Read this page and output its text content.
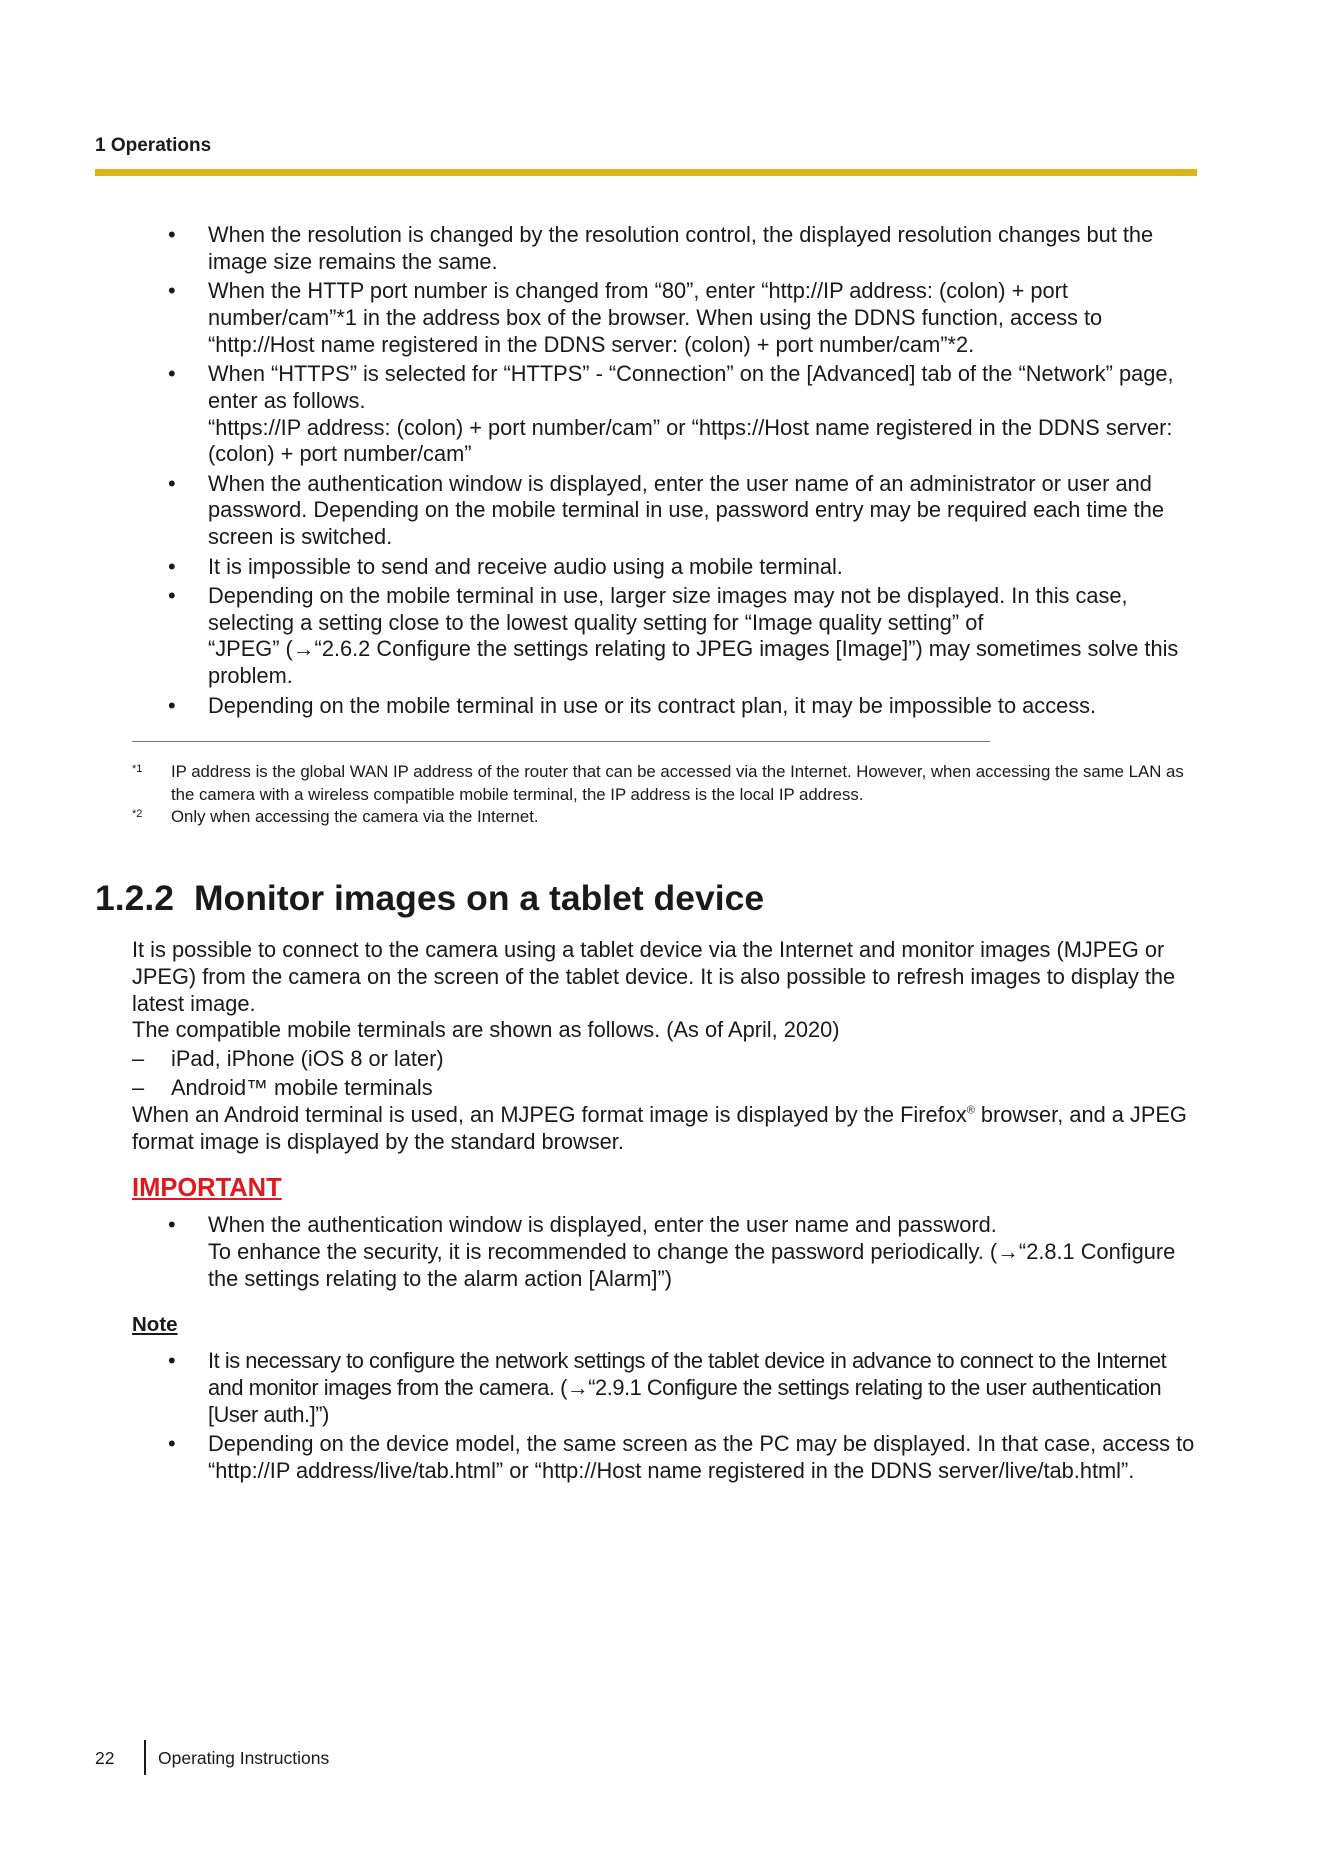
1 Operations
• When the resolution is changed by the resolution control, the displayed resolution changes but the image size remains the same.
• When the HTTP port number is changed from “80”, enter “http://IP address: (colon) + port number/cam”*1 in the address box of the browser. When using the DDNS function, access to “http://Host name registered in the DDNS server: (colon) + port number/cam”*2.
• When “HTTPS” is selected for “HTTPS” - “Connection” on the [Advanced] tab of the “Network” page, enter as follows.
“https://IP address: (colon) + port number/cam” or “https://Host name registered in the DDNS server: (colon) + port number/cam”
• When the authentication window is displayed, enter the user name of an administrator or user and password. Depending on the mobile terminal in use, password entry may be required each time the screen is switched.
• It is impossible to send and receive audio using a mobile terminal.
• Depending on the mobile terminal in use, larger size images may not be displayed. In this case, selecting a setting close to the lowest quality setting for “Image quality setting” of
“JPEG” (→“2.6.2 Configure the settings relating to JPEG images [Image]”) may sometimes solve this problem.
• Depending on the mobile terminal in use or its contract plan, it may be impossible to access.
*1 IP address is the global WAN IP address of the router that can be accessed via the Internet. However, when accessing the same LAN as the camera with a wireless compatible mobile terminal, the IP address is the local IP address.
*2 Only when accessing the camera via the Internet.
1.2.2 Monitor images on a tablet device

It is possible to connect to the camera using a tablet device via the Internet and monitor images (MJPEG or JPEG) from the camera on the screen of the tablet device. It is also possible to refresh images to display the latest image.

The compatible mobile terminals are shown as follows. (As of April, 2020)

– iPad, iPhone (iOS 8 or later)
– Android™ mobile terminals

When an Android terminal is used, an MJPEG format image is displayed by the Firefox® browser, and a JPEG format image is displayed by the standard browser.

IMPORTANT
• When the authentication window is displayed, enter the user name and password.
To enhance the security, it is recommended to change the password periodically. (→“2.8.1 Configure the settings relating to the alarm action [Alarm]”)
Note
• It is necessary to configure the network settings of the tablet device in advance to connect to the Internet and monitor images from the camera. (→“2.9.1 Configure the settings relating to the user authentication [User auth.]”)
• Depending on the device model, the same screen as the PC may be displayed. In that case, access to “http://IP address/live/tab.html” or “http://Host name registered in the DDNS server/live/tab.html”.
22 Operating Instructions
